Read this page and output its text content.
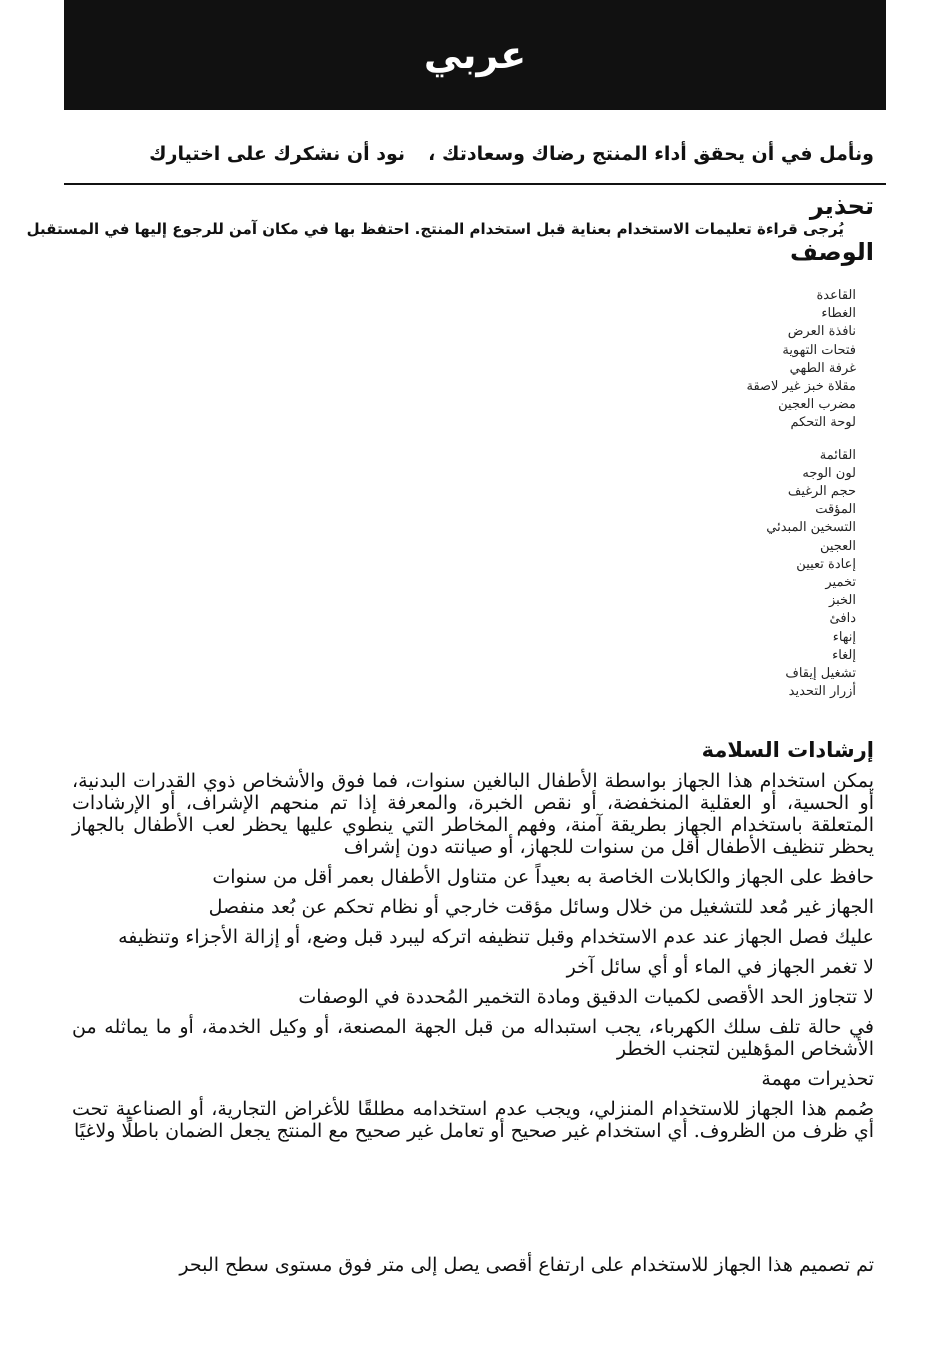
عربي
ونأمل في أن يحقق أداء المنتج رضاك وسعادتك ،
نود أن نشكرك على اختيارك
تحذير
يُرجى قراءة تعليمات الاستخدام بعناية قبل استخدام المنتج. احتفظ بها في مكان آمن للرجوع إليها في المستقبل
الوصف
القاعدة
الغطاء
نافذة العرض
فتحات التهوية
غرفة الطهي
مقلاة خبز غير لاصقة
مضرب العجين
لوحة التحكم
القائمة
لون الوجه
حجم الرغيف
المؤقت
التسخين المبدئي
العجين
إعادة تعيين
تخمير
الخبز
دافئ
إنهاء
إلغاء
تشغيل إيقاف
أزرار التحديد
إرشادات السلامة

يمكن استخدام هذا الجهاز بواسطة الأطفال البالغين سنوات، فما فوق والأشخاص ذوي القدرات البدنية، أو الحسية، أو العقلية المنخفضة، أو نقص الخبرة، والمعرفة إذا تم منحهم الإشراف، أو الإرشادات المتعلقة باستخدام الجهاز بطريقة آمنة، وفهم المخاطر التي ينطوي عليها يحظر لعب الأطفال بالجهاز يحظر تنظيف الأطفال أقل من سنوات للجهاز، أو صيانته دون إشراف

حافظ على الجهاز والكابلات الخاصة به بعيداً عن متناول الأطفال بعمر أقل من سنوات

الجهاز غير مُعد للتشغيل من خلال وسائل مؤقت خارجي أو نظام تحكم عن بُعد منفصل

عليك فصل الجهاز عند عدم الاستخدام وقبل تنظيفه اتركه ليبرد قبل وضع، أو إزالة الأجزاء وتنظيفه

لا تغمر الجهاز في الماء أو أي سائل آخر

لا تتجاوز الحد الأقصى لكميات الدقيق ومادة التخمير المُحددة في الوصفات

في حالة تلف سلك الكهرباء، يجب استبداله من قبل الجهة المصنعة، أو وكيل الخدمة، أو ما يماثله من الأشخاص المؤهلين لتجنب الخطر

تحذيرات مهمة

صُمم هذا الجهاز للاستخدام المنزلي، ويجب عدم استخدامه مطلقًا للأغراض التجارية، أو الصناعية تحت أي ظرف من الظروف. أي استخدام غير صحيح أو تعامل غير صحيح مع المنتج يجعل الضمان باطلًا ولاغيًا

تم تصميم هذا الجهاز للاستخدام على ارتفاع أقصى يصل إلى متر فوق مستوى سطح البحر
